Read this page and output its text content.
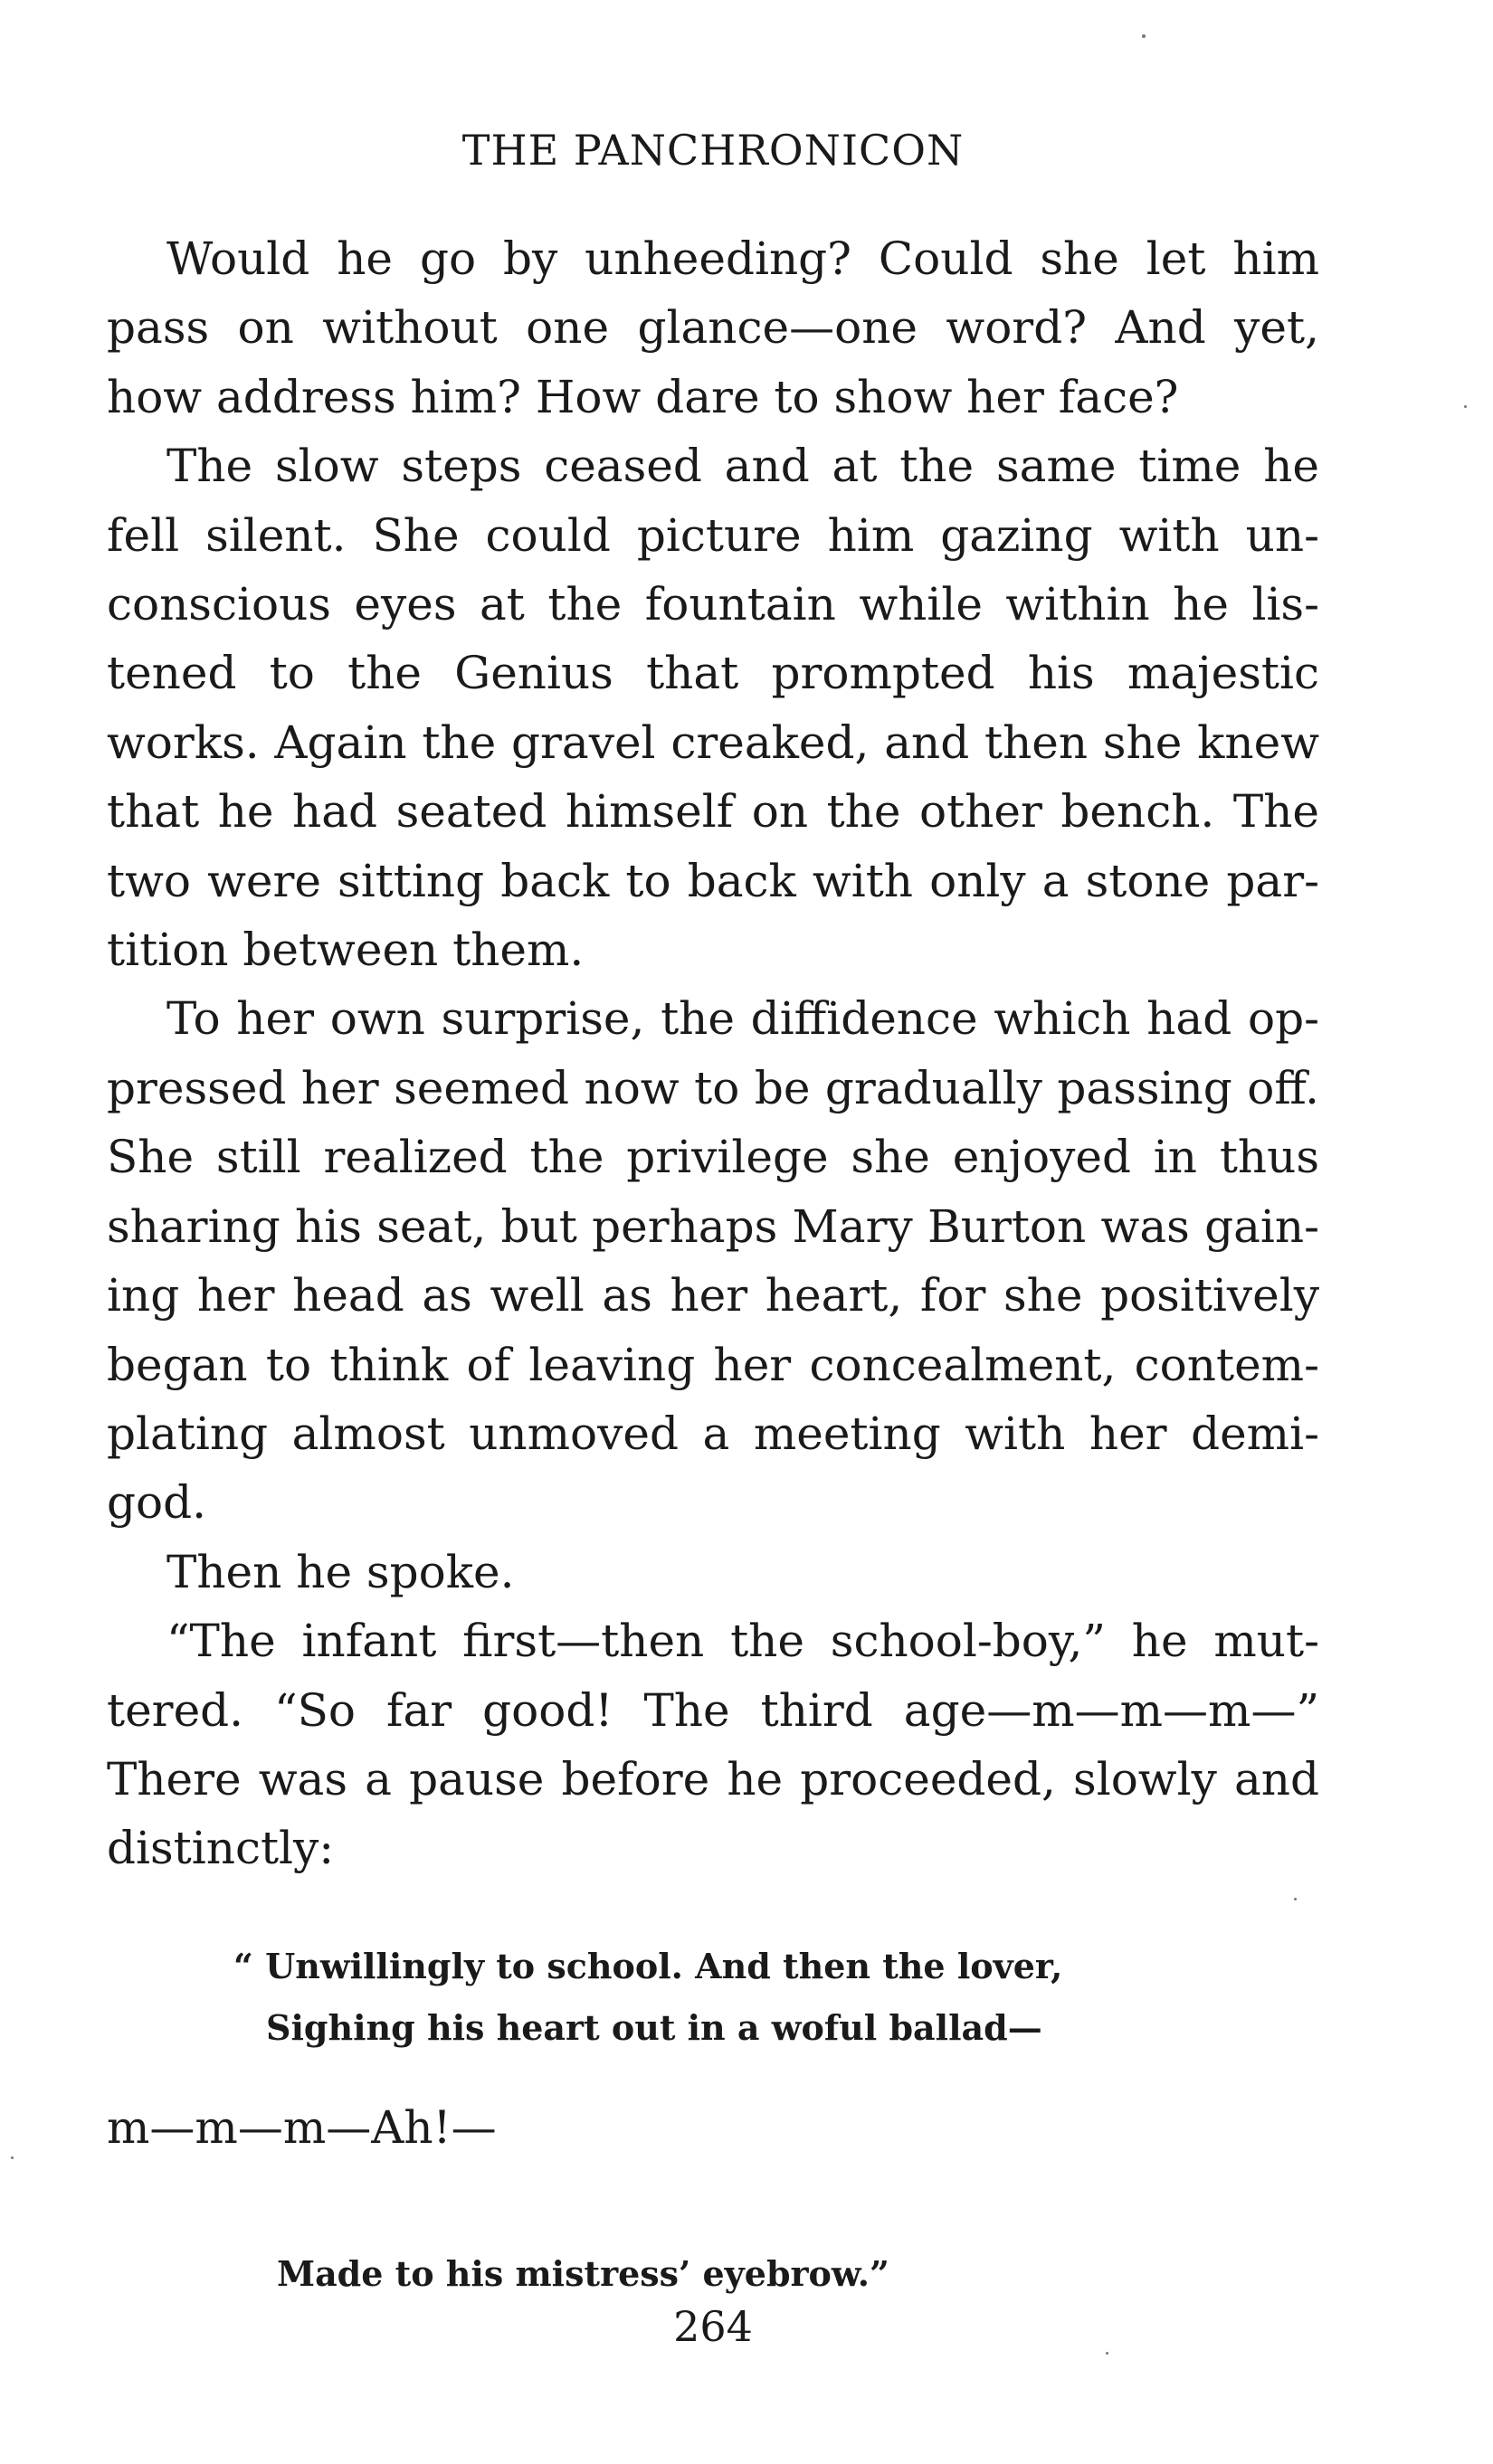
THE PANCHRONICON

Would he go by unheeding? Could she let him pass on without one glance—one word? And yet, how address him? How dare to show her face?

The slow steps ceased and at the same time he fell silent. She could picture him gazing with unconscious eyes at the fountain while within he listened to the Genius that prompted his majestic works. Again the gravel creaked, and then she knew that he had seated himself on the other bench. The two were sitting back to back with only a stone partition between them.

To her own surprise, the diffidence which had oppressed her seemed now to be gradually passing off. She still realized the privilege she enjoyed in thus sharing his seat, but perhaps Mary Burton was gaining her head as well as her heart, for she positively began to think of leaving her concealment, contemplating almost unmoved a meeting with her demigod.

Then he spoke.

“The infant first—then the school-boy,” he muttered. “So far good! The third age—m—m—m—” There was a pause before he proceeded, slowly and distinctly:

“ Unwillingly to school. And then the lover,
Sighing his heart out in a woful ballad—
m—m—m—Ah!—
Made to his mistress’ eyebrow.”
264
